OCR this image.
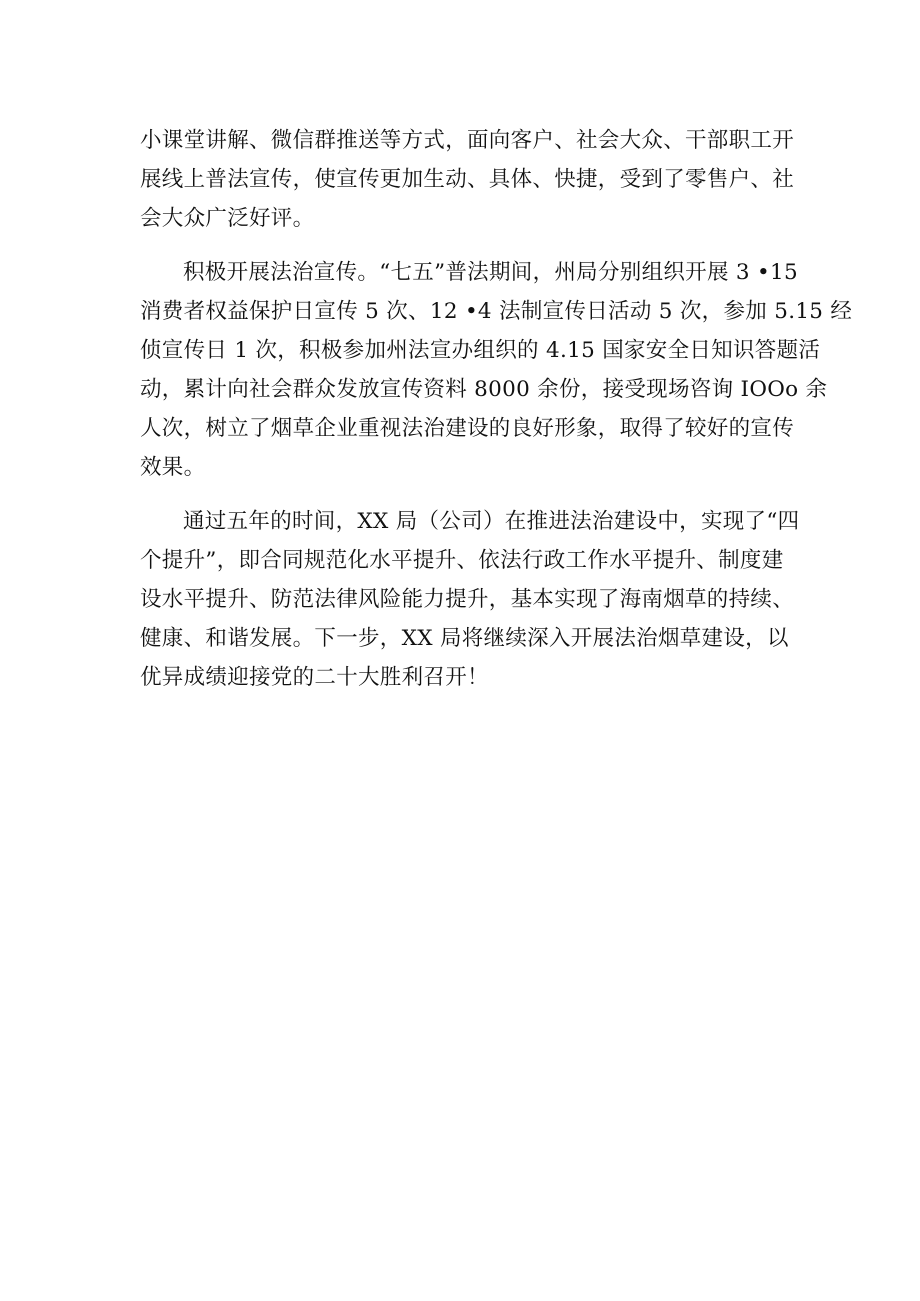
小课堂讲解、微信群推送等方式，面向客户、社会大众、干部职工开
展线上普法宣传，使宣传更加生动、具体、快捷，受到了零售户、社
会大众广泛好评。
积极开展法治宣传。“七五”普法期间，州局分别组织开展 3 •15
消费者权益保护日宣传 5 次、12 •4 法制宣传日活动 5 次，参加 5.15 经
侦宣传日 1 次，积极参加州法宣办组织的 4.15 国家安全日知识答题活
动，累计向社会群众发放宣传资料 8000 余份，接受现场咨询 IOOo 余
人次，树立了烟草企业重视法治建设的良好形象，取得了较好的宣传
效果。
通过五年的时间，XX 局（公司）在推进法治建设中，实现了“四
个提升”，即合同规范化水平提升、依法行政工作水平提升、制度建
设水平提升、防范法律风险能力提升，基本实现了海南烟草的持续、
健康、和谐发展。下一步，XX 局将继续深入开展法治烟草建设，以
优异成绩迎接党的二十大胜利召开！
